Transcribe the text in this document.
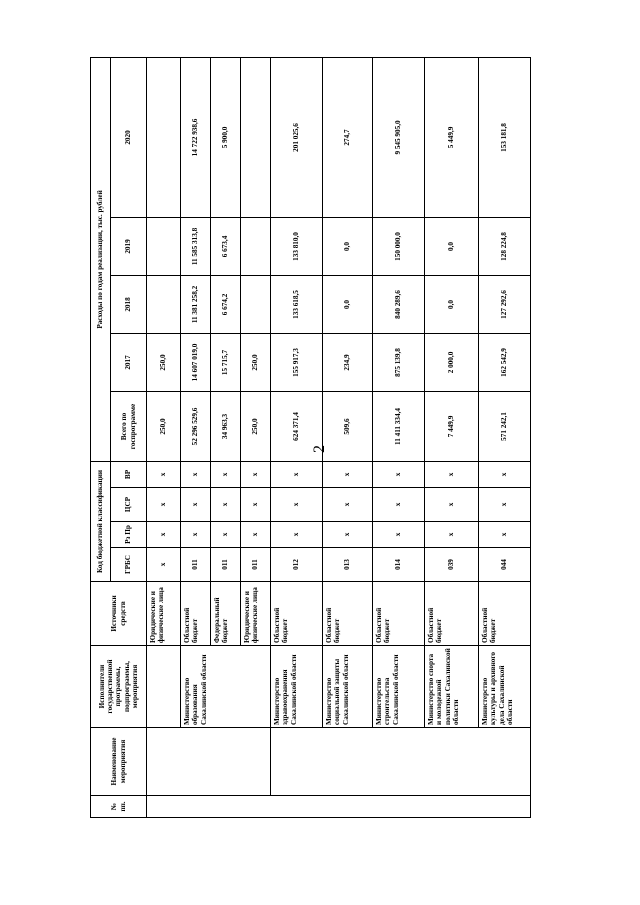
2
№ пп.	Наименование мероприятия	Исполнители государственной программы, подпрограммы, мероприятия	Источники средств	Код бюджетной классификации				Расходы по годам реализации, тыс. рублей				
				ГРБС	Рз Пр	ЦСР	ВР	Всего по госпрограмме	2017	2018	2019	2020
			Юридические и физические лица	x	x	x	x	250,0	250,0			
		Министерство образования Сахалинской области	Областной бюджет	011	x	x	x	52 296 529,6	14 607 019,0	11 381 258,2	11 585 313,8	14 722 938,6
			Федеральный бюджет	011	x	x	x	34 963,3	15 715,7	6 674,2	6 673,4	5 900,0
			Юридические и физические лица	011	x	x	x	250,0	250,0			
		Министерство здравоохранения Сахалинской области	Областной бюджет	012	x	x	x	624 371,4	155 917,3	133 618,5	133 810,0	201 025,6
		Министерство социальной защиты Сахалинской области	Областной бюджет	013	x	x	x	509,6	234,9	0,0	0,0	274,7
		Министерство строительства Сахалинской области	Областной бюджет	014	x	x	x	11 411 334,4	875 139,8	840 289,6	150 000,0	9 545 905,0
		Министерство спорта и молодежной политики Сахалинской области	Областной бюджет	039	x	x	x	7 449,9	2 000,0	0,0	0,0	5 449,9
		Министерство культуры и архивного дела Сахалинской области	Областной бюджет	044	x	x	x	571 242,1	162 542,9	127 292,6	128 224,8	153 181,8
